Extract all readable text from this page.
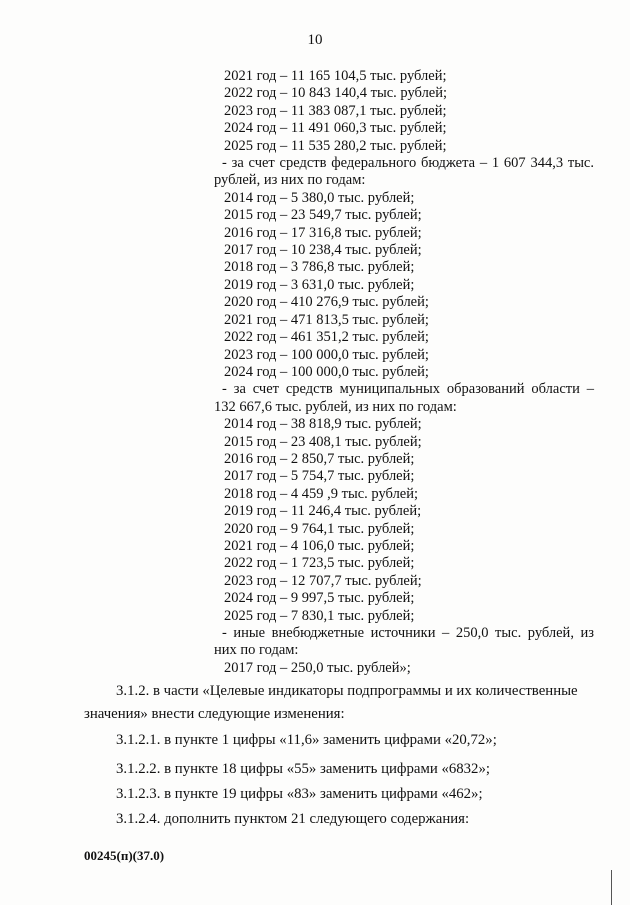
10
2021 год – 11 165 104,5 тыс. рублей;
2022 год – 10 843 140,4 тыс. рублей;
2023 год – 11 383 087,1 тыс. рублей;
2024 год – 11 491 060,3 тыс. рублей;
2025 год – 11 535 280,2 тыс. рублей;
- за счет средств федерального бюджета – 1 607 344,3 тыс. рублей, из них по годам:
2014 год – 5 380,0 тыс. рублей;
2015 год – 23 549,7 тыс. рублей;
2016 год – 17 316,8 тыс. рублей;
2017 год – 10 238,4 тыс. рублей;
2018 год – 3 786,8 тыс. рублей;
2019 год – 3 631,0 тыс. рублей;
2020 год – 410 276,9 тыс. рублей;
2021 год – 471 813,5 тыс. рублей;
2022 год – 461 351,2 тыс. рублей;
2023 год – 100 000,0 тыс. рублей;
2024 год – 100 000,0 тыс. рублей;
- за счет средств муниципальных образований области – 132 667,6 тыс. рублей, из них по годам:
2014 год – 38 818,9 тыс. рублей;
2015 год – 23 408,1 тыс. рублей;
2016 год – 2 850,7 тыс. рублей;
2017 год – 5 754,7 тыс. рублей;
2018 год – 4 459 ,9 тыс. рублей;
2019 год – 11 246,4 тыс. рублей;
2020 год – 9 764,1 тыс. рублей;
2021 год – 4 106,0 тыс. рублей;
2022 год – 1 723,5 тыс. рублей;
2023 год – 12 707,7 тыс. рублей;
2024 год – 9 997,5 тыс. рублей;
2025 год – 7 830,1 тыс. рублей;
- иные внебюджетные источники – 250,0 тыс. рублей, из них по годам:
2017 год – 250,0 тыс. рублей»;
3.1.2. в части «Целевые индикаторы подпрограммы и их количественные
значения» внести следующие изменения:
3.1.2.1. в пункте 1 цифры «11,6» заменить цифрами «20,72»;
3.1.2.2. в пункте 18 цифры «55» заменить цифрами «6832»;
3.1.2.3. в пункте 19 цифры «83» заменить цифрами «462»;
3.1.2.4. дополнить пунктом 21 следующего содержания:
00245(п)(37.0)
